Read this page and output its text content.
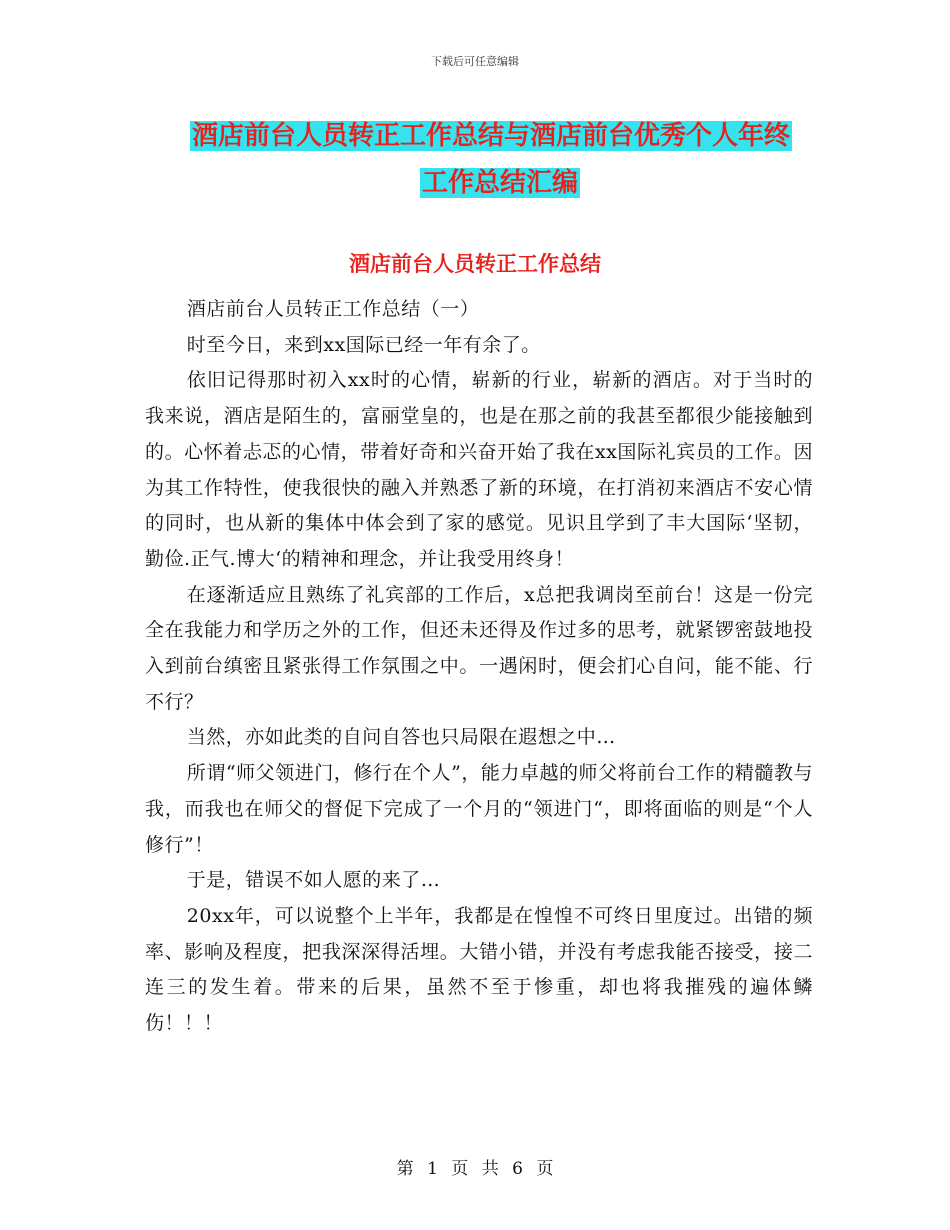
下载后可任意编辑
酒店前台人员转正工作总结与酒店前台优秀个人年终
工作总结汇编
酒店前台人员转正工作总结

酒店前台人员转正工作总结（一）

时至今日，来到xx国际已经一年有余了。

依旧记得那时初入xx时的心情，崭新的行业，崭新的酒店。对于当时的我来说，酒店是陌生的，富丽堂皇的，也是在那之前的我甚至都很少能接触到的。心怀着忐忑的心情，带着好奇和兴奋开始了我在xx国际礼宾员的工作。因为其工作特性，使我很快的融入并熟悉了新的环境，在打消初来酒店不安心情的同时，也从新的集体中体会到了家的感觉。见识且学到了丰大国际‘坚韧，勤俭.正气.博大‘的精神和理念，并让我受用终身！

在逐渐适应且熟练了礼宾部的工作后，x总把我调岗至前台！这是一份完全在我能力和学历之外的工作，但还未还得及作过多的思考，就紧锣密鼓地投入到前台缜密且紧张得工作氛围之中。一遇闲时，便会扪心自问，能不能、行不行？

当然，亦如此类的自问自答也只局限在遐想之中…

所谓“师父领进门，修行在个人”，能力卓越的师父将前台工作的精髓教与我，而我也在师父的督促下完成了一个月的“领进门“，即将面临的则是“个人修行”！

于是，错误不如人愿的来了…

20xx年，可以说整个上半年，我都是在惶惶不可终日里度过。出错的频率、影响及程度，把我深深得活埋。大错小错，并没有考虑我能否接受，接二连三的发生着。带来的后果，虽然不至于惨重，却也将我摧残的遍体鳞伤！！！

第 1 页 共 6 页
